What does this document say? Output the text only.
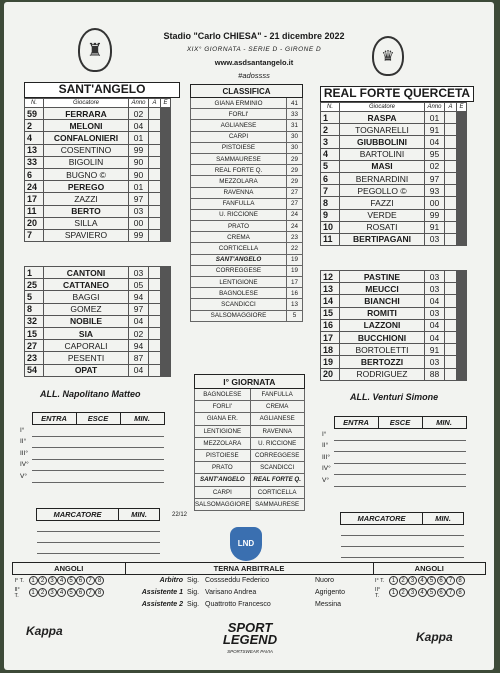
♜	♛
Stadio "Carlo CHIESA" - 21 dicembre 2022
XIX° GIORNATA - SERIE D - GIRONE D
www.asdsantangelo.it
#adossss
SANT'ANGELO
N.	Giocatore	Anno	A	E
59	FERRARA	02		
2	MELONI	04		
4	CONFALONIERI	01		
13	COSENTINO	99		
33	BIGOLIN	90		
6	BUGNO ©	90		
24	PEREGO	01		
17	ZAZZI	97		
11	BERTO	03		
20	SILLA	00		
7	SPAVIERO	99		
1	CANTONI	03		
25	CATTANEO	05		
5	BAGGI	94		
8	GOMEZ	97		
32	NOBILE	04		
15	SIA	02		
27	CAPORALI	94		
23	PESENTI	87		
54	OPAT	04		
ALL. Napolitano Matteo
REAL FORTE QUERCETA
N.	Giocatore	Anno	A	E
1	RASPA	01		
2	TOGNARELLI	91		
3	GIUBBOLINI	04		
4	BARTOLINI	95		
5	MASI	02		
6	BERNARDINI	97		
7	PEGOLLO ©	93		
8	FAZZI	00		
9	VERDE	99		
10	ROSATI	91		
11	BERTIPAGANI	03		
12	PASTINE	03		
13	MEUCCI	03		
14	BIANCHI	04		
15	ROMITI	03		
16	LAZZONI	04		
17	BUCCHIONI	04		
18	BORTOLETTI	91		
19	BERTOZZI	03		
20	RODRIGUEZ	88		
ALL. Venturi Simone
CLASSIFICA	
GIANA ERMINIO	41
FORLI'	33
AGLIANESE	31
CARPI	30
PISTOIESE	30
SAMMAURESE	29
REAL FORTE Q.	29
MEZZOLARA	29
RAVENNA	27
FANFULLA	27
U. RICCIONE	24
PRATO	24
CREMA	23
CORTICELLA	22
SANT'ANGELO	19
CORREGGESE	19
LENTIGIONE	17
BAGNOLESE	16
SCANDICCI	13
SALSOMAGGIORE	5
I° GIORNATA	
BAGNOLESE	FANFULLA
FORLI'	CREMA
GIANA ER.	AGLIANESE
LENTIGIONE	RAVENNA
MEZZOLARA	U. RICCIONE
PISTOIESE	CORREGGESE
PRATO	SCANDICCI
SANT'ANGELO	REAL FORTE Q.
CARPI	CORTICELLA
SALSOMAGGIORE	SAMMAURESE
22/12
	ENTRA	ESCE	MIN.
I°			
II°			
III°			
IV°			
V°			
	ENTRA	ESCE	MIN.
I°			
II°			
III°			
IV°			
V°			
MARCATORE	MIN.

		MARCATORE	MIN.

LND
ANGOLI		TERNA ARBITRALE				ANGOLI	
I° T.	1 2 3 4 5 6 7 8	Arbitro	Sig.	Cossseddu Federico	Nuoro	I° T.	1 2 3 4 5 6 7 8
II° T.	1 2 3 4 5 6 7 8	Assistente 1	Sig.	Varisano Andrea	Agrigento	II° T.	1 2 3 4 5 6 7 8
		Assistente 2	Sig.	Quattrotto Francesco	Messina		
Kappa	Kappa
SPORT LEGEND
SPORTSWEAR PAVIA
